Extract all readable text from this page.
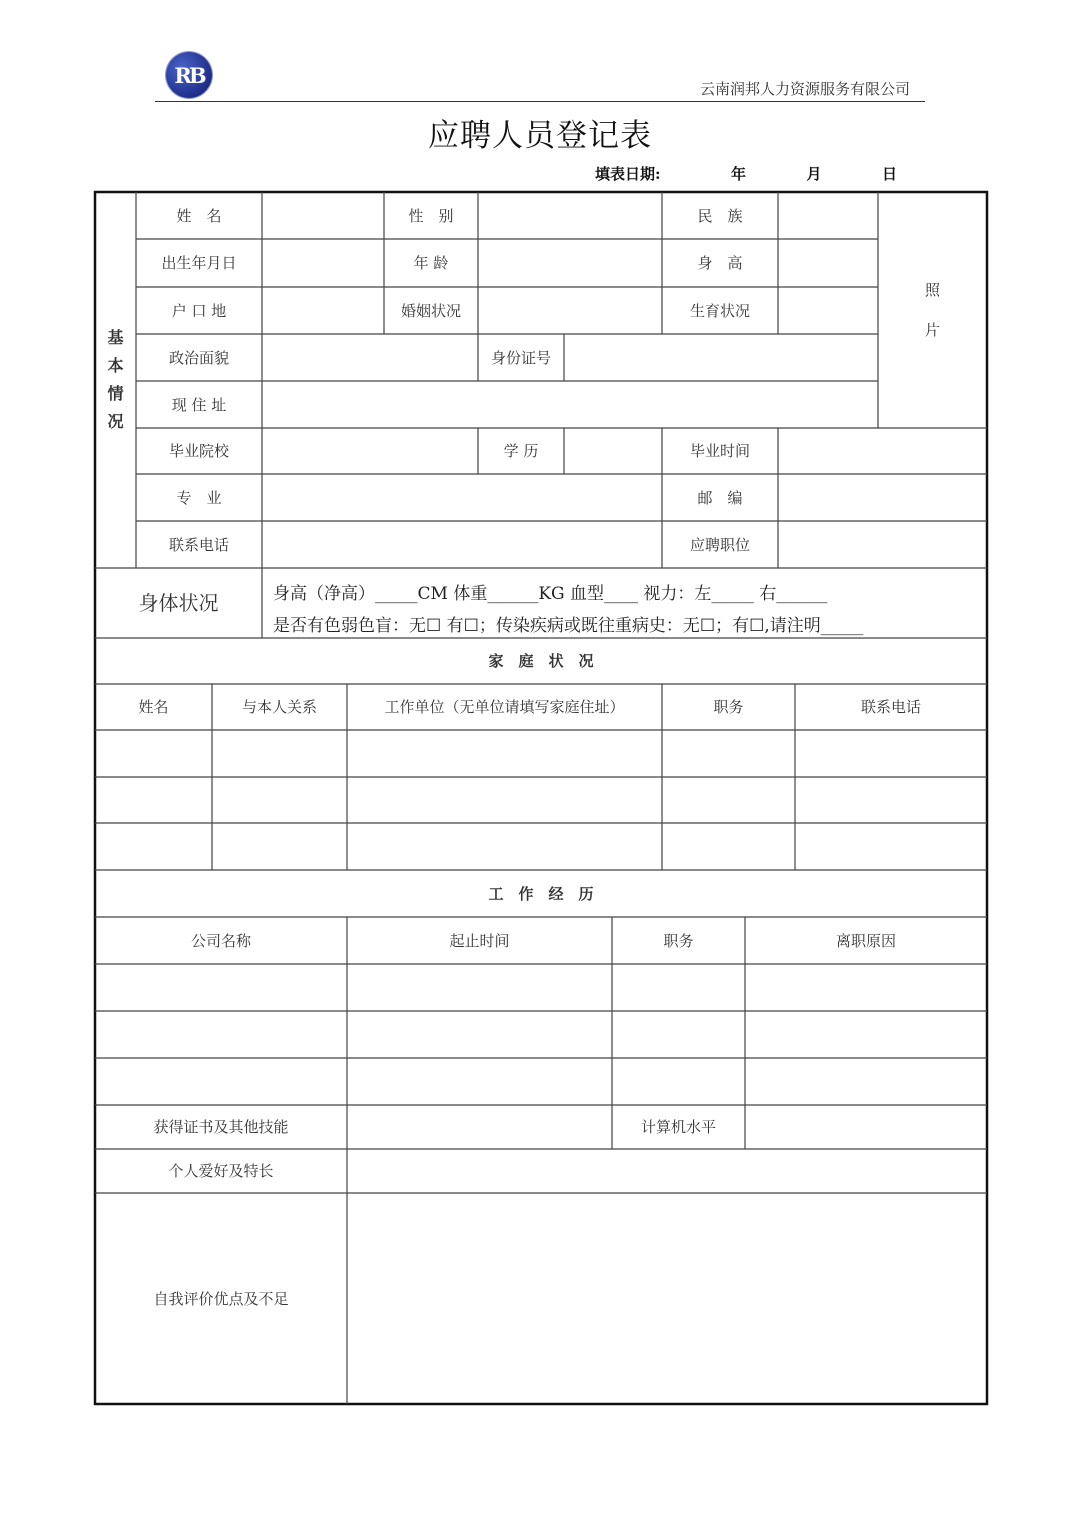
RB
云南润邦人力资源服务有限公司
应聘人员登记表
填表日期:	年	月	日
基
本
情
况
姓　名	性　别	民　族
出生年月日	年 龄	身　高
户 口 地	婚姻状况	生育状况
政治面貌	身份证号
现 住 址
照
片
毕业院校	学 历	毕业时间
专　业	邮　编
联系电话	应聘职位
身体状况	身高（净高）_____CM 体重______KG 血型____ 视力：左_____ 右______
是否有色弱色盲：无☐ 有☐；传染疾病或既往重病史：无☐；有☐,请注明_____
家　庭　状　况
姓名	与本人关系	工作单位（无单位请填写家庭住址）	职务	联系电话
工　作　经　历
公司名称	起止时间	职务	离职原因
获得证书及其他技能	计算机水平
个人爱好及特长
自我评价优点及不足
